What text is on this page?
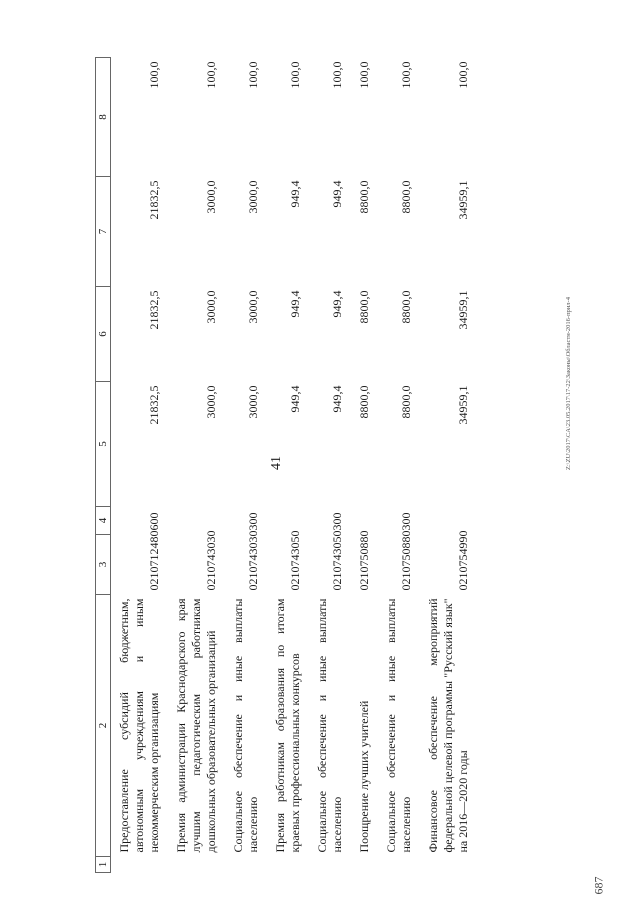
41
687
Z:\ZU\2017\СA\23.05.2017\17-22\Законы\Областн-2016-прил-4
1	2	3	4	5	6	7	8
	Предоставление субсидий бюджетным, автономным учреждениям и иным некоммерческим организациям	0210712480	600	21832,5	21832,5	21832,5	100,0
	Премия администрации Краснодарского края лучшим педагогическим работникам дошкольных образовательных организаций	0210743030		3000,0	3000,0	3000,0	100,0
	Социальное обеспечение и иные выплаты населению	0210743030	300	3000,0	3000,0	3000,0	100,0
	Премия работникам образования по итогам краевых профессиональных конкурсов	0210743050		949,4	949,4	949,4	100,0
	Социальное обеспечение и иные выплаты населению	0210743050	300	949,4	949,4	949,4	100,0
	Поощрение лучших учителей	0210750880		8800,0	8800,0	8800,0	100,0
	Социальное обеспечение и иные выплаты населению	0210750880	300	8800,0	8800,0	8800,0	100,0
	Финансовое обеспечение мероприятий федеральной целевой программы "Русский язык" на 2016—2020 годы	0210754990		34959,1	34959,1	34959,1	100,0
